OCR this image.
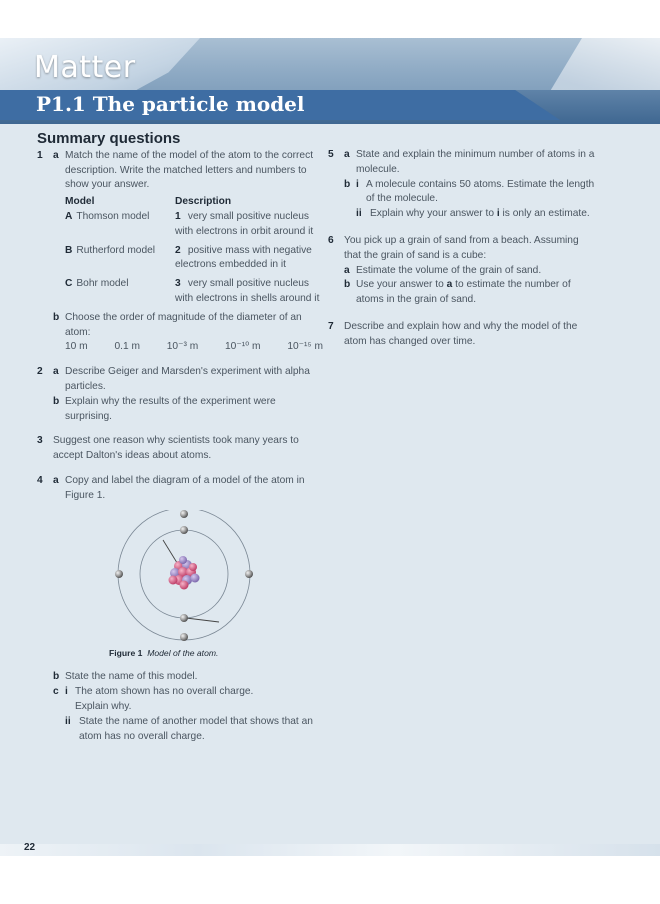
Matter
P1.1 The particle model
Summary questions
1	a Match the name of the model of the atom to the correct description. Write the matched letters and numbers to show your answer.
Model	Description
A Thomson model	1 very small positive nucleus with electrons in orbit around it
B Rutherford model	2 positive mass with negative electrons embedded in it
C Bohr model	3 very small positive nucleus with electrons in shells around it
b Choose the order of magnitude of the diameter of an atom:
10 m	0.1 m	10⁻³ m	10⁻¹⁰ m	10⁻¹⁵ m
2	a Describe Geiger and Marsden's experiment with alpha particles.
b Explain why the results of the experiment were surprising.
3	Suggest one reason why scientists took many years to accept Dalton's ideas about atoms.
4	a Copy and label the diagram of a model of the atom in Figure 1.
Figure 1 Model of the atom.
b State the name of this model.
c i The atom shown has no overall charge.
Explain why.
ii State the name of another model that shows that an atom has no overall charge.
5	a State and explain the minimum number of atoms in a molecule.
b i A molecule contains 50 atoms. Estimate the length of the molecule.
ii Explain why your answer to i is only an estimate.
6	You pick up a grain of sand from a beach. Assuming that the grain of sand is a cube:
a Estimate the volume of the grain of sand.
b Use your answer to a to estimate the number of atoms in the grain of sand.
7	Describe and explain how and why the model of the atom has changed over time.
22
